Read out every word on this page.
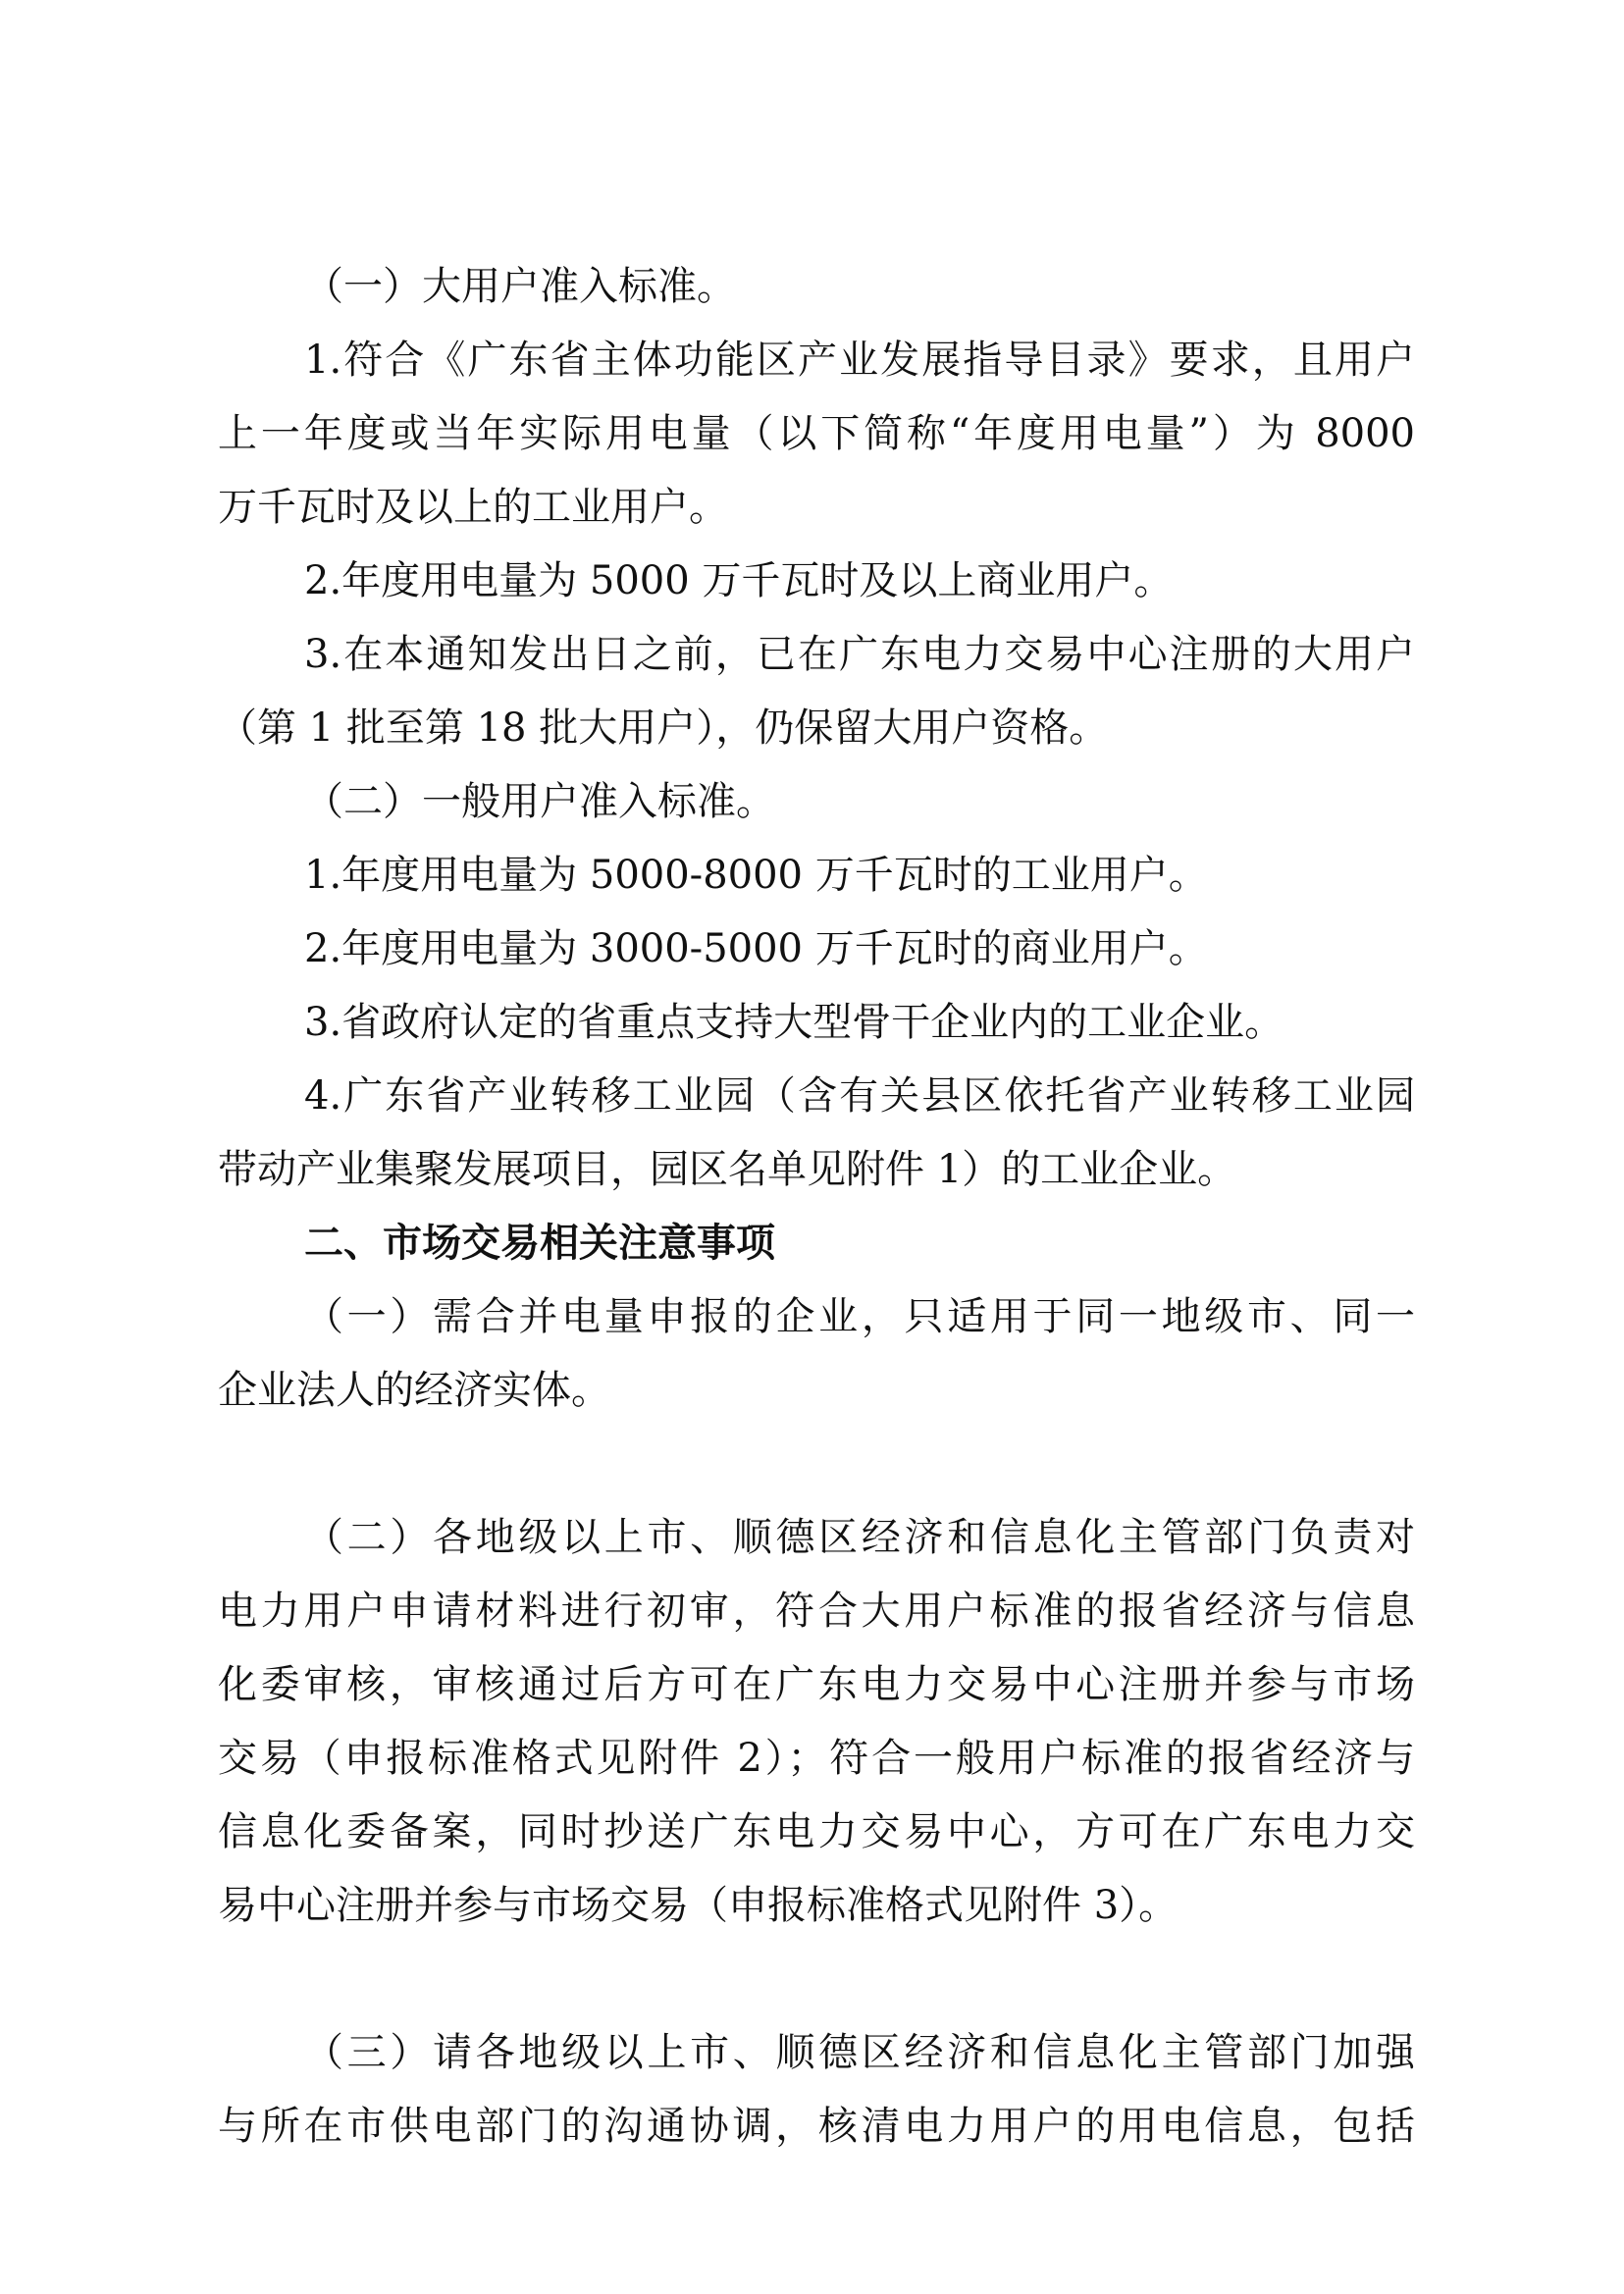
（一）大用户准入标准。
1.符合《广东省主体功能区产业发展指导目录》要求，且用户
上一年度或当年实际用电量（以下简称“年度用电量”）为 8000
万千瓦时及以上的工业用户。
2.年度用电量为 5000 万千瓦时及以上商业用户。
3.在本通知发出日之前，已在广东电力交易中心注册的大用户
（第 1 批至第 18 批大用户），仍保留大用户资格。
（二）一般用户准入标准。
1.年度用电量为 5000-8000 万千瓦时的工业用户。
2.年度用电量为 3000-5000 万千瓦时的商业用户。
3.省政府认定的省重点支持大型骨干企业内的工业企业。
4.广东省产业转移工业园（含有关县区依托省产业转移工业园
带动产业集聚发展项目，园区名单见附件 1）的工业企业。
二、市场交易相关注意事项
（一）需合并电量申报的企业，只适用于同一地级市、同一
企业法人的经济实体。
（二）各地级以上市、顺德区经济和信息化主管部门负责对
电力用户申请材料进行初审，符合大用户标准的报省经济与信息
化委审核，审核通过后方可在广东电力交易中心注册并参与市场
交易（申报标准格式见附件 2）；符合一般用户标准的报省经济与
信息化委备案，同时抄送广东电力交易中心，方可在广东电力交
易中心注册并参与市场交易（申报标准格式见附件 3）。
（三）请各地级以上市、顺德区经济和信息化主管部门加强
与所在市供电部门的沟通协调，核清电力用户的用电信息，包括
